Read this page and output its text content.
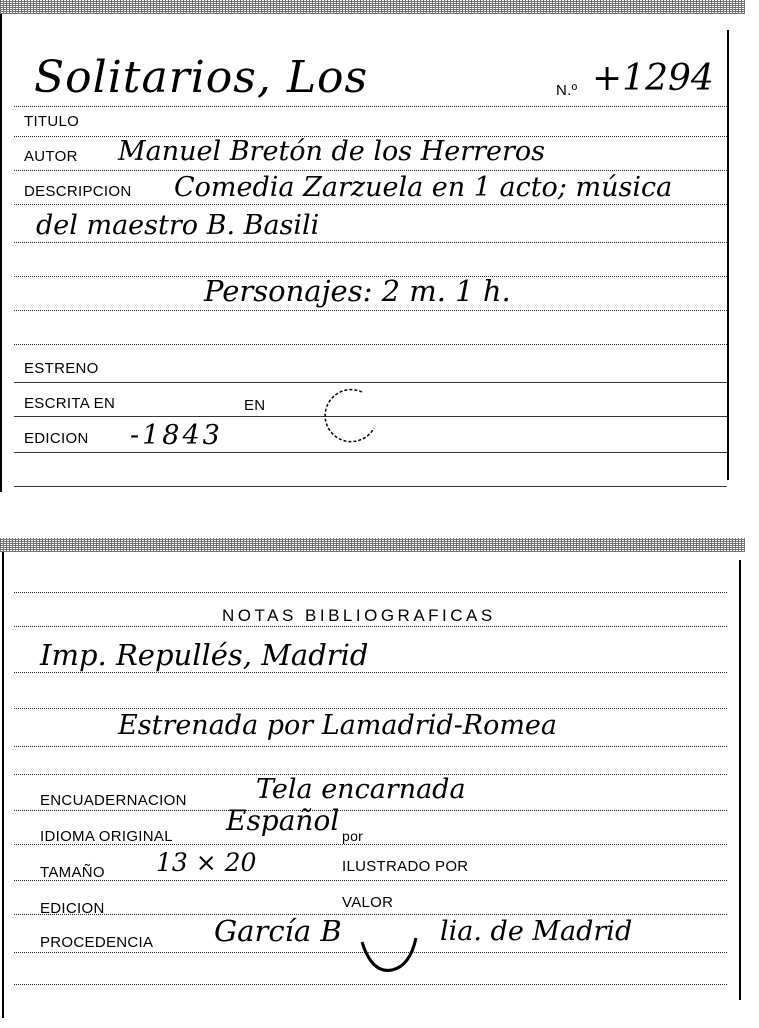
Solitarios, Los	N.º +1294
TITULO
AUTOR Manuel Bretón de los Herreros
DESCRIPCION Comedia Zarzuela en 1 acto; música
del maestro B. Basili
Personajes: 2 m. 1 h.
ESTRENO
ESCRITA EN	EN
EDICION -1843
NOTAS BIBLIOGRAFICAS
Imp. Repullés, Madrid
Estrenada por Lamadrid-Romea
ENCUADERNACION	Tela encarnada
IDIOMA ORIGINAL Español por
TAMAÑO 13 × 20	ILUSTRADO POR
EDICION	VALOR
PROCEDENCIA García B	lia. de Madrid
